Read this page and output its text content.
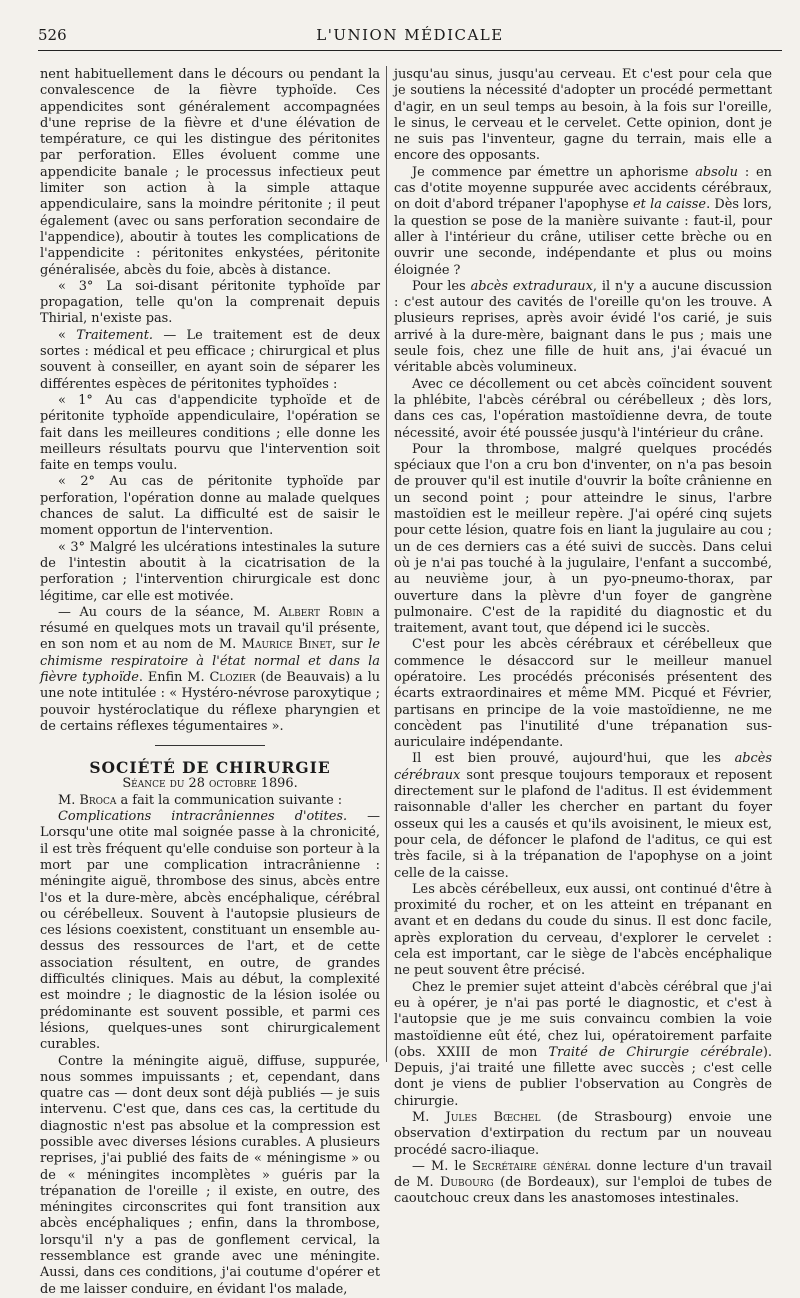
526	L'UNION MÉDICALE

nent habituellement dans le décours ou pendant la convalescence de la fièvre typhoïde. Ces appendicites sont généralement accompagnées d'une reprise de la fièvre et d'une élévation de température, ce qui les distingue des péritonites par perforation. Elles évoluent comme une appendicite banale ; le processus infectieux peut limiter son action à la simple attaque appendiculaire, sans la moindre péritonite ; il peut également (avec ou sans perforation secondaire de l'appendice), aboutir à toutes les complications de l'appendicite : péritonites enkystées, péritonite généralisée, abcès du foie, abcès à distance.

« 3° La soi-disant péritonite typhoïde par propagation, telle qu'on la comprenait depuis Thirial, n'existe pas.

« Traitement. — Le traitement est de deux sortes : médical et peu efficace ; chirurgical et plus souvent à conseiller, en ayant soin de séparer les différentes espèces de péritonites typhoïdes :

« 1° Au cas d'appendicite typhoïde et de péritonite typhoïde appendiculaire, l'opération se fait dans les meilleures conditions ; elle donne les meilleurs résultats pourvu que l'intervention soit faite en temps voulu.

« 2° Au cas de péritonite typhoïde par perforation, l'opération donne au malade quelques chances de salut. La difficulté est de saisir le moment opportun de l'intervention.

« 3° Malgré les ulcérations intestinales la suture de l'intestin aboutit à la cicatrisation de la perforation ; l'intervention chirurgicale est donc légitime, car elle est motivée.

— Au cours de la séance, M. Albert Robin a résumé en quelques mots un travail qu'il présente, en son nom et au nom de M. Maurice Binet, sur le chimisme respiratoire à l'état normal et dans la fièvre typhoïde. Enfin M. Clozier (de Beauvais) a lu une note intitulée : « Hystéro-névrose paroxytique ; pouvoir hystéroclatique du réflexe pharyngien et de certains réflexes tégumentaires ».

SOCIÉTÉ DE CHIRURGIE

Séance du 28 octobre 1896.

M. Broca a fait la communication suivante :

Complications intracrâniennes d'otites. — Lorsqu'une otite mal soignée passe à la chronicité, il est très fréquent qu'elle conduise son porteur à la mort par une complication intracrânienne : méningite aiguë, thrombose des sinus, abcès entre l'os et la dure-mère, abcès encéphalique, cérébral ou cérébelleux. Souvent à l'autopsie plusieurs de ces lésions coexistent, constituant un ensemble au-dessus des ressources de l'art, et de cette association résultent, en outre, de grandes difficultés cliniques. Mais au début, la complexité est moindre ; le diagnostic de la lésion isolée ou prédominante est souvent possible, et parmi ces lésions, quelques-unes sont chirurgicalement curables.

Contre la méningite aiguë, diffuse, suppurée, nous sommes impuissants ; et, cependant, dans quatre cas — dont deux sont déjà publiés — je suis intervenu. C'est que, dans ces cas, la certitude du diagnostic n'est pas absolue et la compression est possible avec diverses lésions curables. A plusieurs reprises, j'ai publié des faits de « méningisme » ou de « méningites incomplètes » guéris par la trépanation de l'oreille ; il existe, en outre, des méningites circonscrites qui font transition aux abcès encéphaliques ; enfin, dans la thrombose, lorsqu'il n'y a pas de gonflement cervical, la ressemblance est grande avec une méningite. Aussi, dans ces conditions, j'ai coutume d'opérer et de me laisser conduire, en évidant l'os malade,

jusqu'au sinus, jusqu'au cerveau. Et c'est pour cela que je soutiens la nécessité d'adopter un procédé permettant d'agir, en un seul temps au besoin, à la fois sur l'oreille, le sinus, le cerveau et le cervelet. Cette opinion, dont je ne suis pas l'inventeur, gagne du terrain, mais elle a encore des opposants.

Je commence par émettre un aphorisme absolu : en cas d'otite moyenne suppurée avec accidents cérébraux, on doit d'abord trépaner l'apophyse et la caisse. Dès lors, la question se pose de la manière suivante : faut-il, pour aller à l'intérieur du crâne, utiliser cette brèche ou en ouvrir une seconde, indépendante et plus ou moins éloignée ?

Pour les abcès extraduraux, il n'y a aucune discussion : c'est autour des cavités de l'oreille qu'on les trouve. A plusieurs reprises, après avoir évidé l'os carié, je suis arrivé à la dure-mère, baignant dans le pus ; mais une seule fois, chez une fille de huit ans, j'ai évacué un véritable abcès volumineux.

Avec ce décollement ou cet abcès coïncident souvent la phlébite, l'abcès cérébral ou cérébelleux ; dès lors, dans ces cas, l'opération mastoïdienne devra, de toute nécessité, avoir été poussée jusqu'à l'intérieur du crâne.

Pour la thrombose, malgré quelques procédés spéciaux que l'on a cru bon d'inventer, on n'a pas besoin de prouver qu'il est inutile d'ouvrir la boîte crânienne en un second point ; pour atteindre le sinus, l'arbre mastoïdien est le meilleur repère. J'ai opéré cinq sujets pour cette lésion, quatre fois en liant la jugulaire au cou ; un de ces derniers cas a été suivi de succès. Dans celui où je n'ai pas touché à la jugulaire, l'enfant a succombé, au neuvième jour, à un pyo-pneumo-thorax, par ouverture dans la plèvre d'un foyer de gangrène pulmonaire. C'est de la rapidité du diagnostic et du traitement, avant tout, que dépend ici le succès.

C'est pour les abcès cérébraux et cérébelleux que commence le désaccord sur le meilleur manuel opératoire. Les procédés préconisés présentent des écarts extraordinaires et même MM. Picqué et Février, partisans en principe de la voie mastoïdienne, ne me concèdent pas l'inutilité d'une trépanation sus-auriculaire indépendante.

Il est bien prouvé, aujourd'hui, que les abcès cérébraux sont presque toujours temporaux et reposent directement sur le plafond de l'aditus. Il est évidemment raisonnable d'aller les chercher en partant du foyer osseux qui les a causés et qu'ils avoisinent, le mieux est, pour cela, de défoncer le plafond de l'aditus, ce qui est très facile, si à la trépanation de l'apophyse on a joint celle de la caisse.

Les abcès cérébelleux, eux aussi, ont continué d'être à proximité du rocher, et on les atteint en trépanant en avant et en dedans du coude du sinus. Il est donc facile, après exploration du cerveau, d'explorer le cervelet : cela est important, car le siège de l'abcès encéphalique ne peut souvent être précisé.

Chez le premier sujet atteint d'abcès cérébral que j'ai eu à opérer, je n'ai pas porté le diagnostic, et c'est à l'autopsie que je me suis convaincu combien la voie mastoïdienne eût été, chez lui, opératoirement parfaite (obs. XXIII de mon Traité de Chirurgie cérébrale). Depuis, j'ai traité une fillette avec succès ; c'est celle dont je viens de publier l'observation au Congrès de chirurgie.

M. Jules Bœchel (de Strasbourg) envoie une observation d'extirpation du rectum par un nouveau procédé sacro-iliaque.

— M. le Secrétaire général donne lecture d'un travail de M. Dubourg (de Bordeaux), sur l'emploi de tubes de caoutchouc creux dans les anastomoses intestinales.
